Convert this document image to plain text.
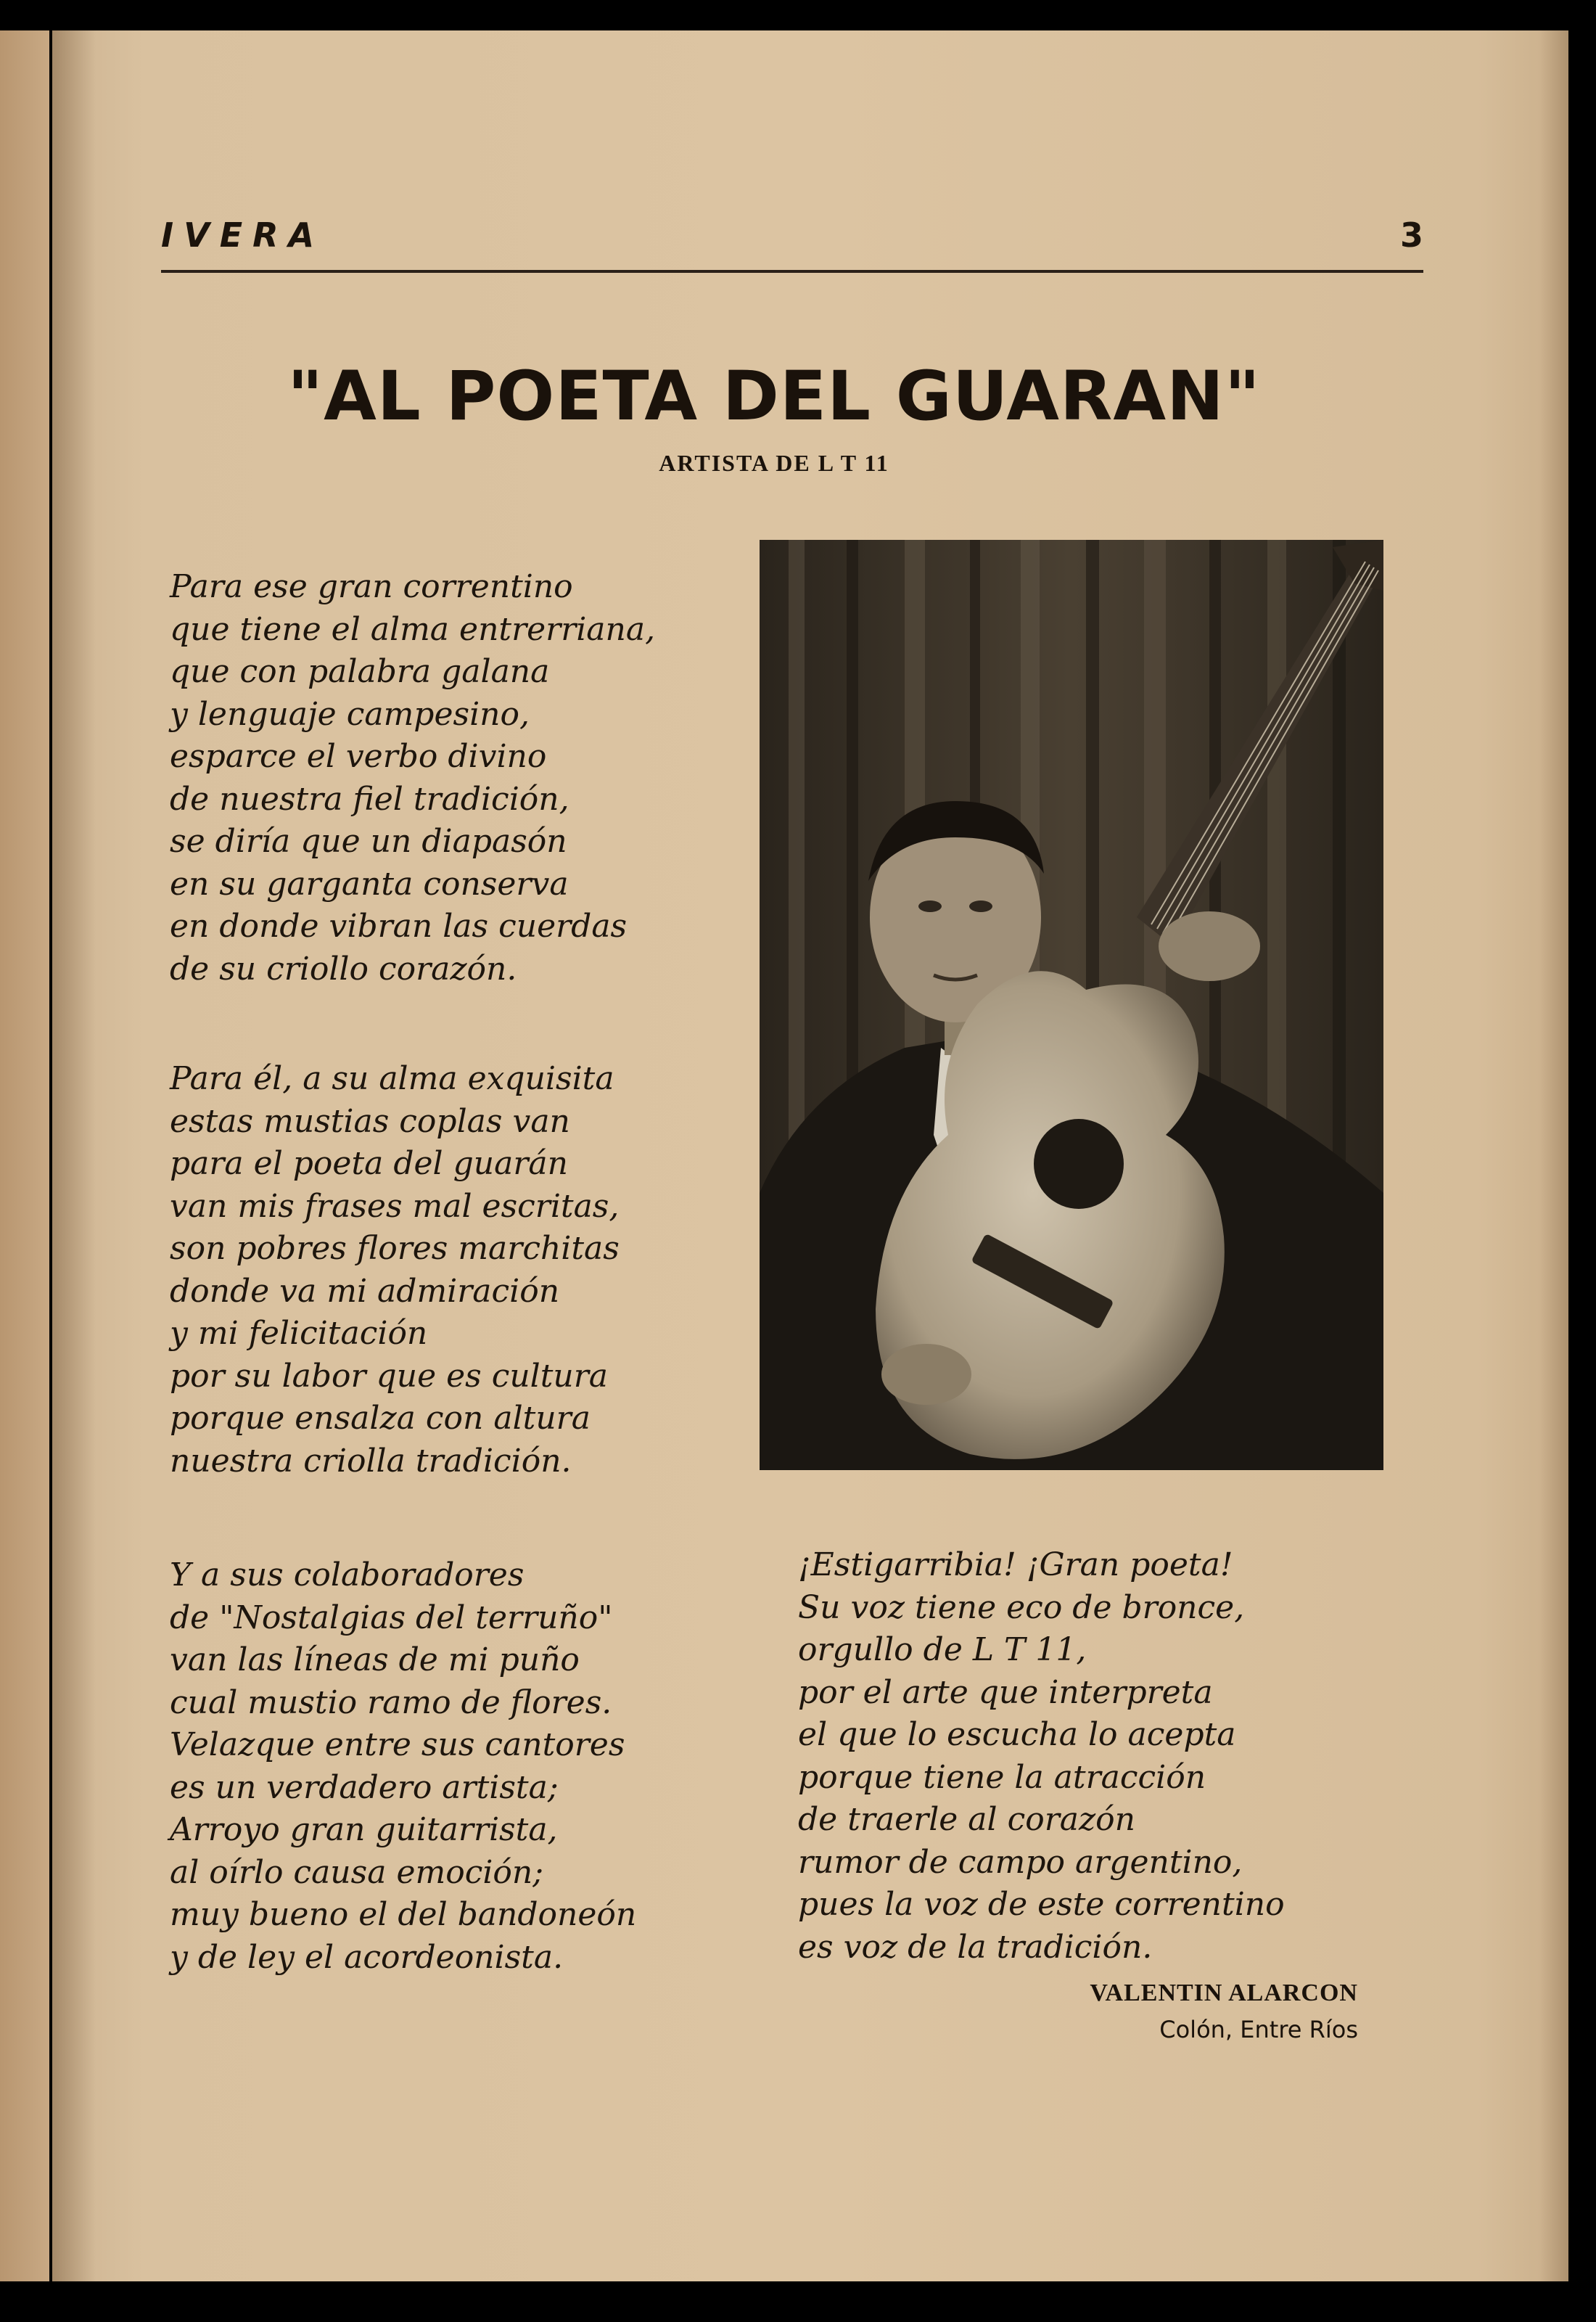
IVERA	3
"AL POETA DEL GUARAN"
ARTISTA DE L T 11
Para ese gran correntino
que tiene el alma entrerriana,
que con palabra galana
y lenguaje campesino,
esparce el verbo divino
de nuestra fiel tradición,
se diría que un diapasón
en su garganta conserva
en donde vibran las cuerdas
de su criollo corazón.
Para él, a su alma exquisita
estas mustias coplas van
para el poeta del guarán
van mis frases mal escritas,
son pobres flores marchitas
donde va mi admiración
y mi felicitación
por su labor que es cultura
porque ensalza con altura
nuestra criolla tradición.
Y a sus colaboradores
de "Nostalgias del terruño"
van las líneas de mi puño
cual mustio ramo de flores.
Velazque entre sus cantores
es un verdadero artista;
Arroyo gran guitarrista,
al oírlo causa emoción;
muy bueno el del bandoneón
y de ley el acordeonista.
¡Estigarribia! ¡Gran poeta!
Su voz tiene eco de bronce,
orgullo de L T 11,
por el arte que interpreta
el que lo escucha lo acepta
porque tiene la atracción
de traerle al corazón
rumor de campo argentino,
pues la voz de este correntino
es voz de la tradición.
VALENTIN ALARCON
Colón, Entre Ríos
